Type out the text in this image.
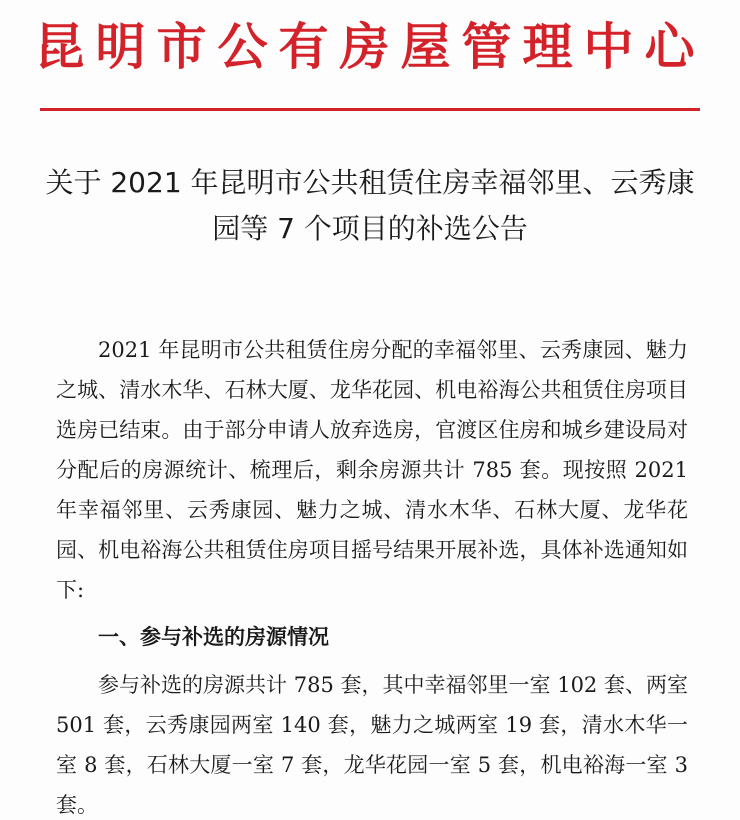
昆明市公有房屋管理中心
关于 2021 年昆明市公共租赁住房幸福邻里、云秀康园等 7 个项目的补选公告

2021 年昆明市公共租赁住房分配的幸福邻里、云秀康园、魅力之城、清水木华、石林大厦、龙华花园、机电裕海公共租赁住房项目选房已结束。由于部分申请人放弃选房，官渡区住房和城乡建设局对分配后的房源统计、梳理后，剩余房源共计 785 套。现按照 2021 年幸福邻里、云秀康园、魅力之城、清水木华、石林大厦、龙华花园、机电裕海公共租赁住房项目摇号结果开展补选，具体补选通知如下:

一、参与补选的房源情况

参与补选的房源共计 785 套，其中幸福邻里一室 102 套、两室 501 套，云秀康园两室 140 套，魅力之城两室 19 套，清水木华一室 8 套，石林大厦一室 7 套，龙华花园一室 5 套，机电裕海一室 3 套。
